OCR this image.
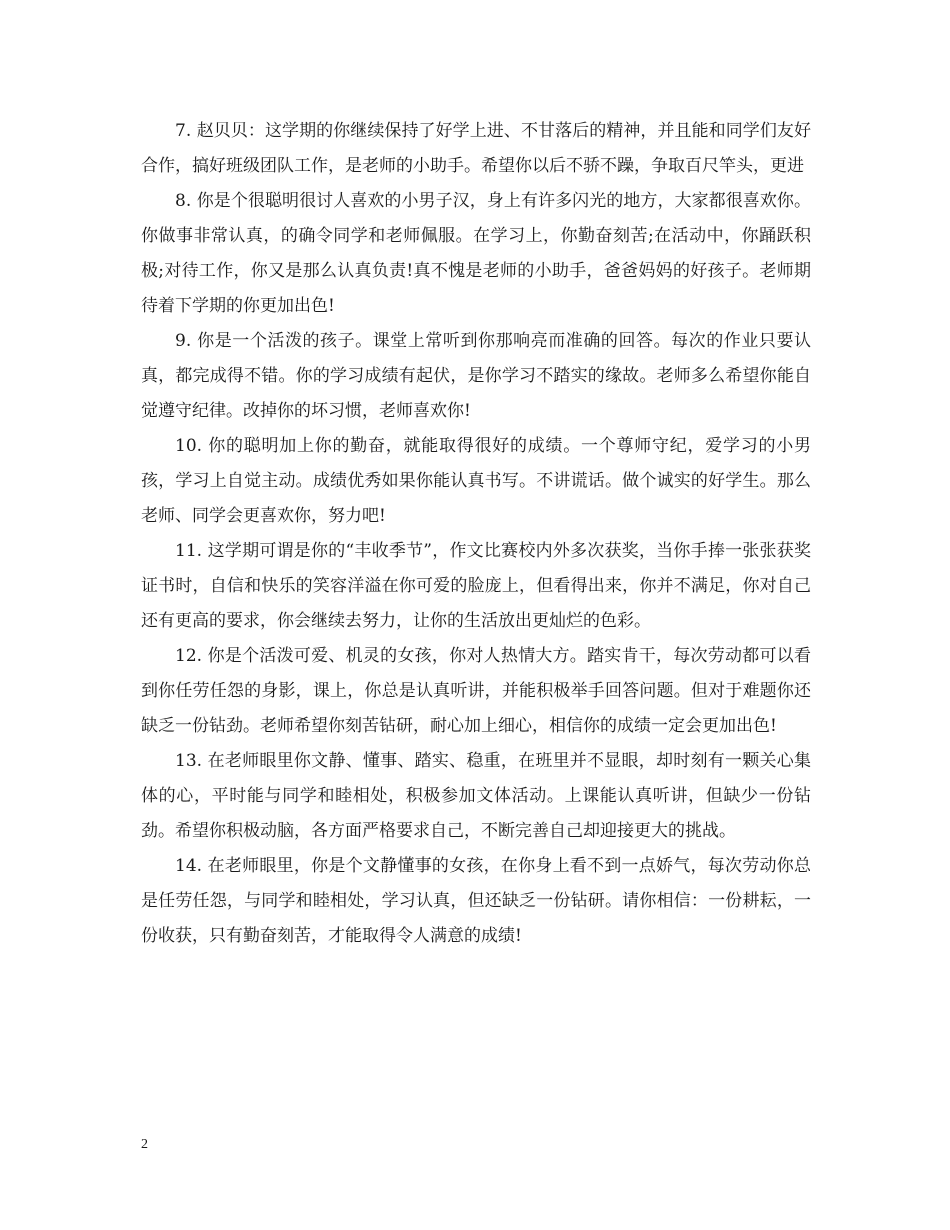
7. 赵贝贝：这学期的你继续保持了好学上进、不甘落后的精神，并且能和同学们友好合作，搞好班级团队工作，是老师的小助手。希望你以后不骄不躁，争取百尺竿头，更进

8. 你是个很聪明很讨人喜欢的小男子汉，身上有许多闪光的地方，大家都很喜欢你。你做事非常认真，的确令同学和老师佩服。在学习上，你勤奋刻苦;在活动中，你踊跃积极;对待工作，你又是那么认真负责!真不愧是老师的小助手，爸爸妈妈的好孩子。老师期待着下学期的你更加出色!

9. 你是一个活泼的孩子。课堂上常听到你那响亮而准确的回答。每次的作业只要认真，都完成得不错。你的学习成绩有起伏，是你学习不踏实的缘故。老师多么希望你能自觉遵守纪律。改掉你的坏习惯，老师喜欢你!

10. 你的聪明加上你的勤奋，就能取得很好的成绩。一个尊师守纪，爱学习的小男孩，学习上自觉主动。成绩优秀如果你能认真书写。不讲谎话。做个诚实的好学生。那么老师、同学会更喜欢你，努力吧!

11. 这学期可谓是你的“丰收季节”，作文比赛校内外多次获奖，当你手捧一张张获奖证书时，自信和快乐的笑容洋溢在你可爱的脸庞上，但看得出来，你并不满足，你对自己还有更高的要求，你会继续去努力，让你的生活放出更灿烂的色彩。

12. 你是个活泼可爱、机灵的女孩，你对人热情大方。踏实肯干，每次劳动都可以看到你任劳任怨的身影，课上，你总是认真听讲，并能积极举手回答问题。但对于难题你还缺乏一份钻劲。老师希望你刻苦钻研，耐心加上细心，相信你的成绩一定会更加出色!

13. 在老师眼里你文静、懂事、踏实、稳重，在班里并不显眼，却时刻有一颗关心集体的心，平时能与同学和睦相处，积极参加文体活动。上课能认真听讲，但缺少一份钻劲。希望你积极动脑，各方面严格要求自己，不断完善自己却迎接更大的挑战。

14. 在老师眼里，你是个文静懂事的女孩，在你身上看不到一点娇气，每次劳动你总是任劳任怨，与同学和睦相处，学习认真，但还缺乏一份钻研。请你相信：一份耕耘，一份收获，只有勤奋刻苦，才能取得令人满意的成绩!

2
